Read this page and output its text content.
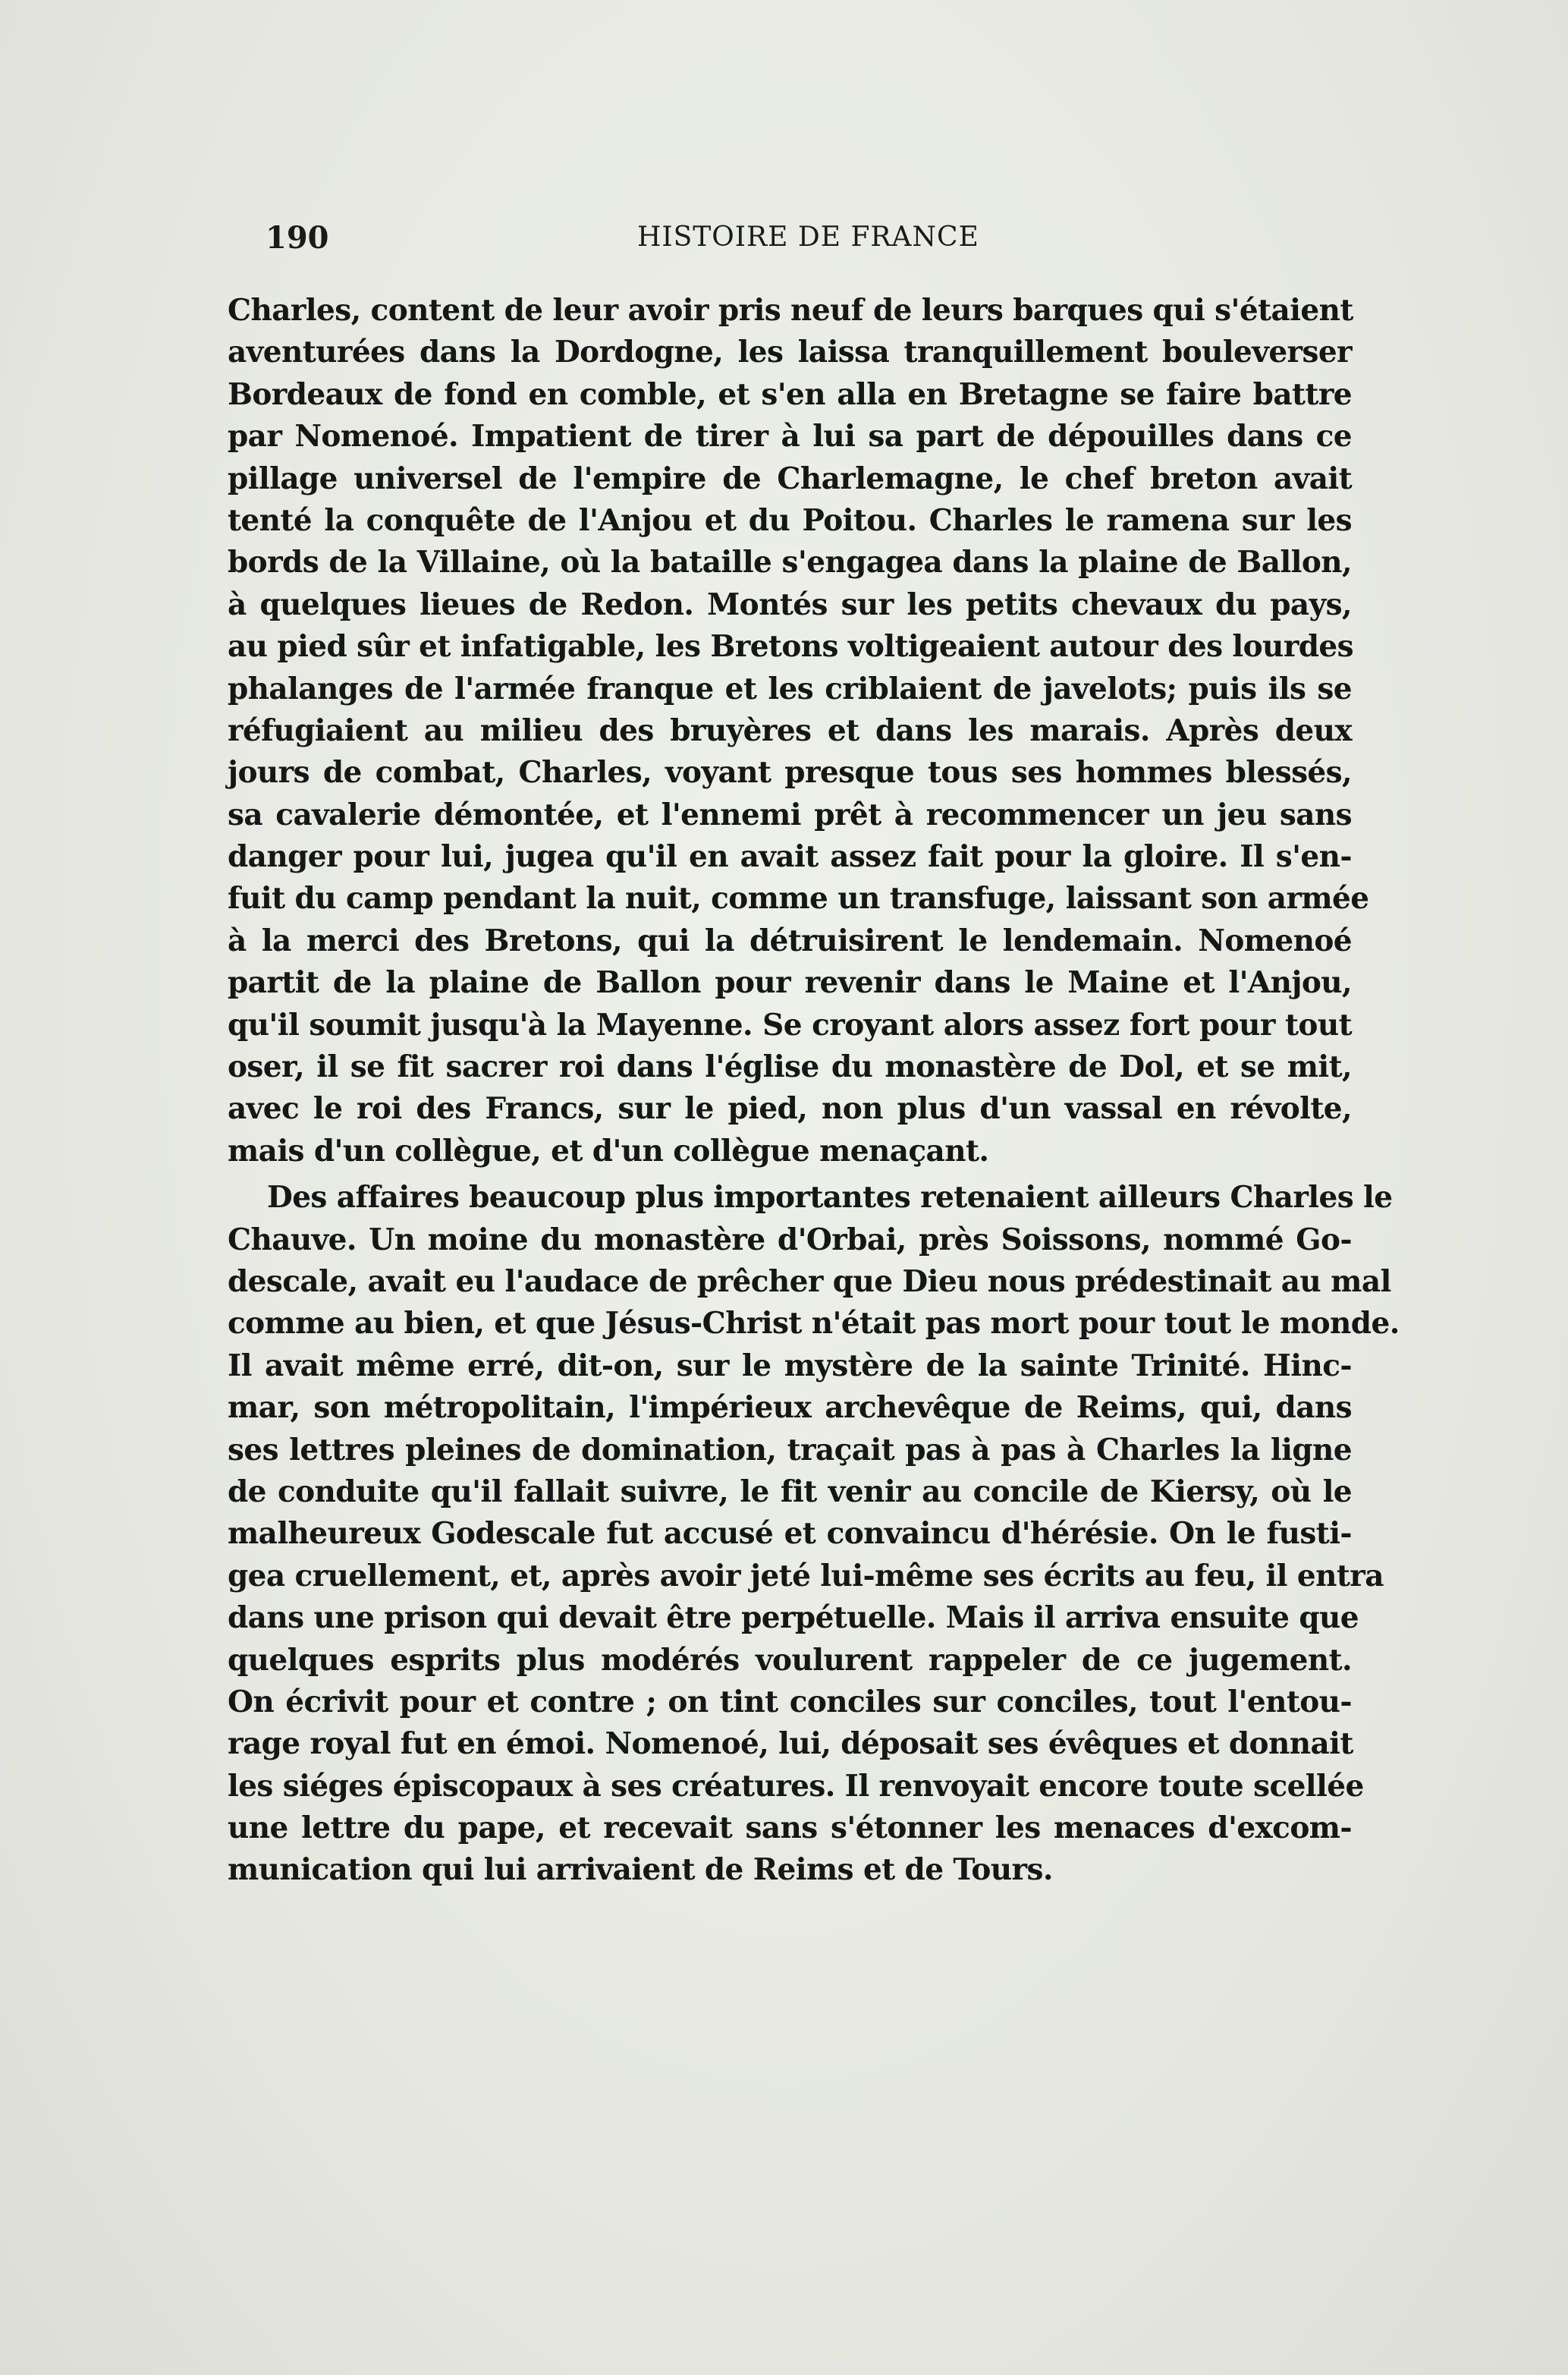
190	HISTOIRE DE FRANCE
Charles, content de leur avoir pris neuf de leurs barques qui s'étaient
aventurées dans la Dordogne, les laissa tranquillement bouleverser
Bordeaux de fond en comble, et s'en alla en Bretagne se faire battre
par Nomenoé. Impatient de tirer à lui sa part de dépouilles dans ce
pillage universel de l'empire de Charlemagne, le chef breton avait
tenté la conquête de l'Anjou et du Poitou. Charles le ramena sur les
bords de la Villaine, où la bataille s'engagea dans la plaine de Ballon,
à quelques lieues de Redon. Montés sur les petits chevaux du pays,
au pied sûr et infatigable, les Bretons voltigeaient autour des lourdes
phalanges de l'armée franque et les criblaient de javelots; puis ils se
réfugiaient au milieu des bruyères et dans les marais. Après deux
jours de combat, Charles, voyant presque tous ses hommes blessés,
sa cavalerie démontée, et l'ennemi prêt à recommencer un jeu sans
danger pour lui, jugea qu'il en avait assez fait pour la gloire. Il s'en-
fuit du camp pendant la nuit, comme un transfuge, laissant son armée
à la merci des Bretons, qui la détruisirent le lendemain. Nomenoé
partit de la plaine de Ballon pour revenir dans le Maine et l'Anjou,
qu'il soumit jusqu'à la Mayenne. Se croyant alors assez fort pour tout
oser, il se fit sacrer roi dans l'église du monastère de Dol, et se mit,
avec le roi des Francs, sur le pied, non plus d'un vassal en révolte,
mais d'un collègue, et d'un collègue menaçant.
Des affaires beaucoup plus importantes retenaient ailleurs Charles le
Chauve. Un moine du monastère d'Orbai, près Soissons, nommé Go-
descale, avait eu l'audace de prêcher que Dieu nous prédestinait au mal
comme au bien, et que Jésus-Christ n'était pas mort pour tout le monde.
Il avait même erré, dit-on, sur le mystère de la sainte Trinité. Hinc-
mar, son métropolitain, l'impérieux archevêque de Reims, qui, dans
ses lettres pleines de domination, traçait pas à pas à Charles la ligne
de conduite qu'il fallait suivre, le fit venir au concile de Kiersy, où le
malheureux Godescale fut accusé et convaincu d'hérésie. On le fusti-
gea cruellement, et, après avoir jeté lui-même ses écrits au feu, il entra
dans une prison qui devait être perpétuelle. Mais il arriva ensuite que
quelques esprits plus modérés voulurent rappeler de ce jugement.
On écrivit pour et contre ; on tint conciles sur conciles, tout l'entou-
rage royal fut en émoi. Nomenoé, lui, déposait ses évêques et donnait
les siéges épiscopaux à ses créatures. Il renvoyait encore toute scellée
une lettre du pape, et recevait sans s'étonner les menaces d'excom-
munication qui lui arrivaient de Reims et de Tours.
